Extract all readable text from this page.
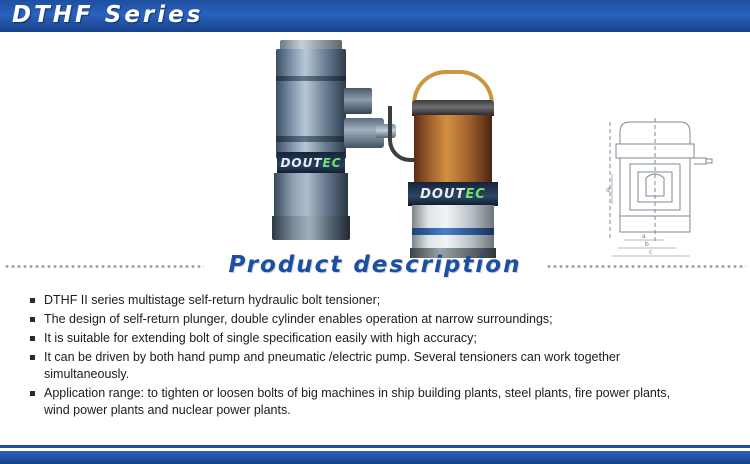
DTHF Series
DOUT EC
DOUT EC
a
b
c
d
Product description
DTHF II series multistage self-return hydraulic bolt tensioner;
The design of self-return plunger, double cylinder enables operation at narrow surroundings;
It is suitable for extending bolt of single specification easily with high accuracy;
It can be driven by both hand pump and pneumatic /electric pump. Several tensioners can work together simultaneously.
Application range: to tighten or loosen bolts of big machines in ship building plants, steel plants, fire power plants, wind power plants and nuclear power plants.
